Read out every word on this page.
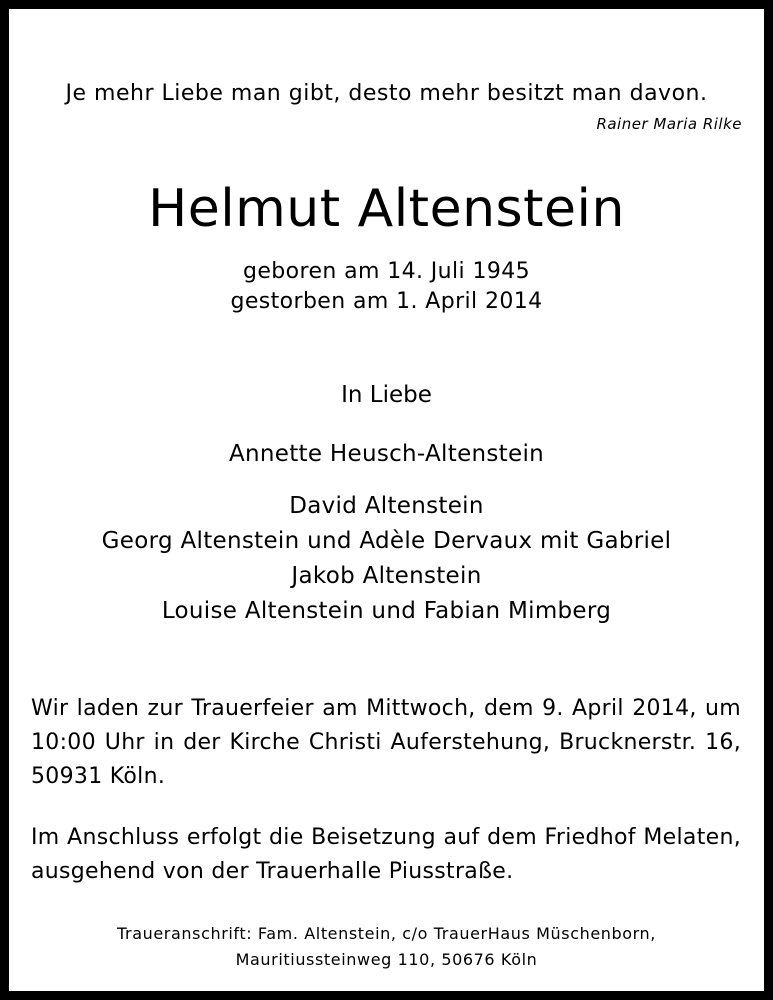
Je mehr Liebe man gibt, desto mehr besitzt man davon.
Rainer Maria Rilke
Helmut Altenstein
geboren am 14. Juli 1945
gestorben am 1. April 2014
In Liebe
Annette Heusch-Altenstein
David Altenstein
Georg Altenstein und Adèle Dervaux mit Gabriel
Jakob Altenstein
Louise Altenstein und Fabian Mimberg
Wir laden zur Trauerfeier am Mittwoch, dem 9. April 2014, um 10:00 Uhr in der Kirche Christi Auferstehung, Brucknerstr. 16, 50931 Köln.
Im Anschluss erfolgt die Beisetzung auf dem Friedhof Melaten, ausgehend von der Trauerhalle Piusstraße.
Traueranschrift: Fam. Altenstein, c/o TrauerHaus Müschenborn,
Mauritiussteinweg 110, 50676 Köln
